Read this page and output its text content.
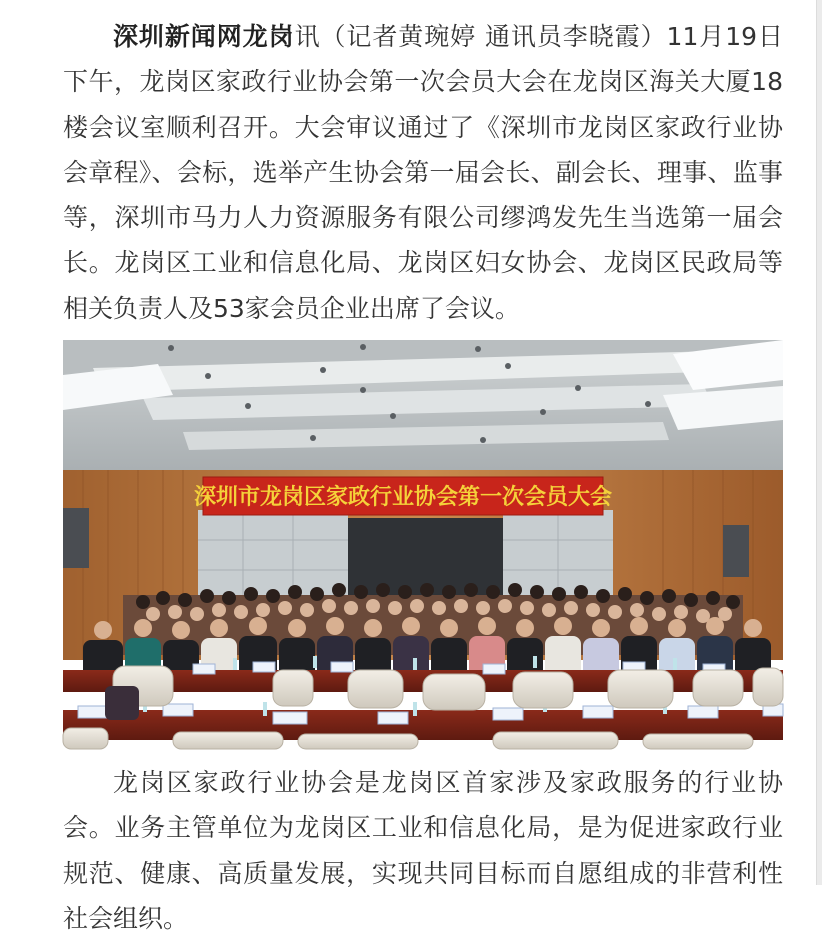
深圳新闻网龙岗讯（记者黄琬婷 通讯员李晓霞）11月19日下午，龙岗区家政行业协会第一次会员大会在龙岗区海关大厦18楼会议室顺利召开。大会审议通过了《深圳市龙岗区家政行业协会章程》、会标，选举产生协会第一届会长、副会长、理事、监事等，深圳市马力人力资源服务有限公司缪鸿发先生当选第一届会长。龙岗区工业和信息化局、龙岗区妇女协会、龙岗区民政局等相关负责人及53家会员企业出席了会议。

深圳市龙岗区家政行业协会第一次会员大会

龙岗区家政行业协会是龙岗区首家涉及家政服务的行业协会。业务主管单位为龙岗区工业和信息化局，是为促进家政行业规范、健康、高质量发展，实现共同目标而自愿组成的非营利性社会组织。
